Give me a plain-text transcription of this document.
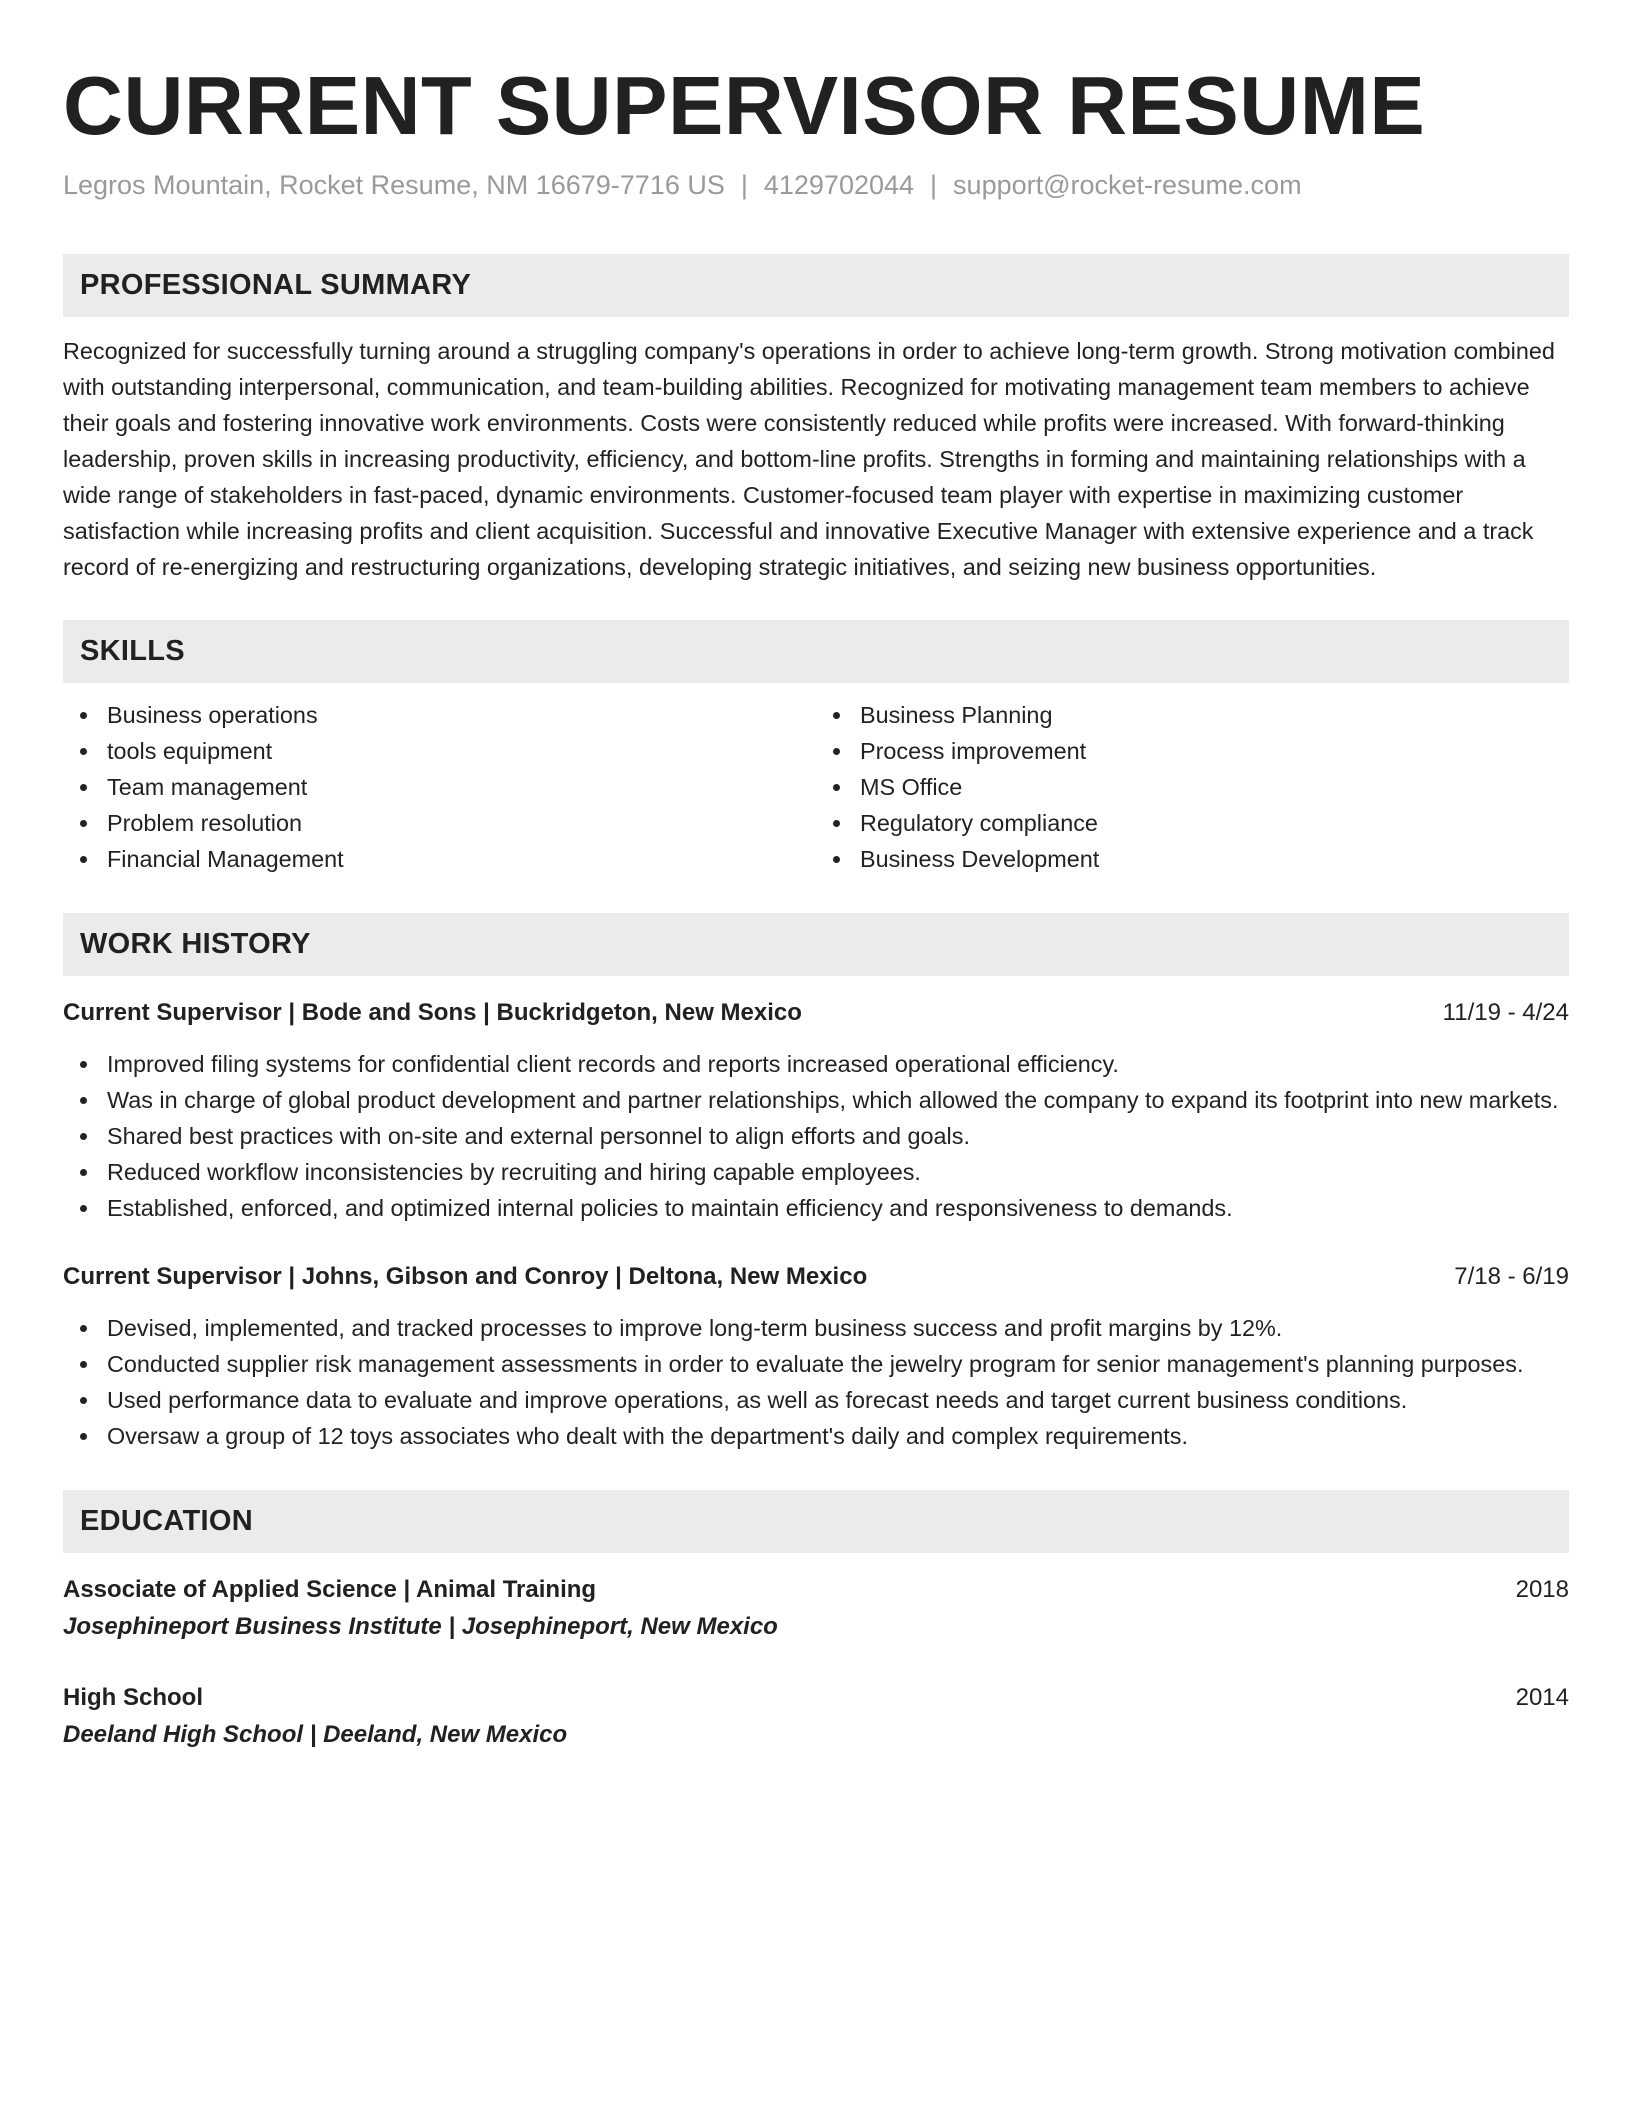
CURRENT SUPERVISOR RESUME
Legros Mountain, Rocket Resume, NM 16679-7716 US | 4129702044 | support@rocket-resume.com
PROFESSIONAL SUMMARY

Recognized for successfully turning around a struggling company's operations in order to achieve long-term growth. Strong motivation combined with outstanding interpersonal, communication, and team-building abilities. Recognized for motivating management team members to achieve their goals and fostering innovative work environments. Costs were consistently reduced while profits were increased. With forward-thinking leadership, proven skills in increasing productivity, efficiency, and bottom-line profits. Strengths in forming and maintaining relationships with a wide range of stakeholders in fast-paced, dynamic environments. Customer-focused team player with expertise in maximizing customer satisfaction while increasing profits and client acquisition. Successful and innovative Executive Manager with extensive experience and a track record of re-energizing and restructuring organizations, developing strategic initiatives, and seizing new business opportunities.

SKILLS
Business operations
tools equipment
Team management
Problem resolution
Financial Management
Business Planning
Process improvement
MS Office
Regulatory compliance
Business Development
WORK HISTORY
Current Supervisor | Bode and Sons | Buckridgeton, New Mexico	11/19 - 4/24
Improved filing systems for confidential client records and reports increased operational efficiency.
Was in charge of global product development and partner relationships, which allowed the company to expand its footprint into new markets.
Shared best practices with on-site and external personnel to align efforts and goals.
Reduced workflow inconsistencies by recruiting and hiring capable employees.
Established, enforced, and optimized internal policies to maintain efficiency and responsiveness to demands.
Current Supervisor | Johns, Gibson and Conroy | Deltona, New Mexico	7/18 - 6/19
Devised, implemented, and tracked processes to improve long-term business success and profit margins by 12%.
Conducted supplier risk management assessments in order to evaluate the jewelry program for senior management's planning purposes.
Used performance data to evaluate and improve operations, as well as forecast needs and target current business conditions.
Oversaw a group of 12 toys associates who dealt with the department's daily and complex requirements.
EDUCATION
Associate of Applied Science | Animal Training	2018
Josephineport Business Institute | Josephineport, New Mexico
High School	2014
Deeland High School | Deeland, New Mexico
